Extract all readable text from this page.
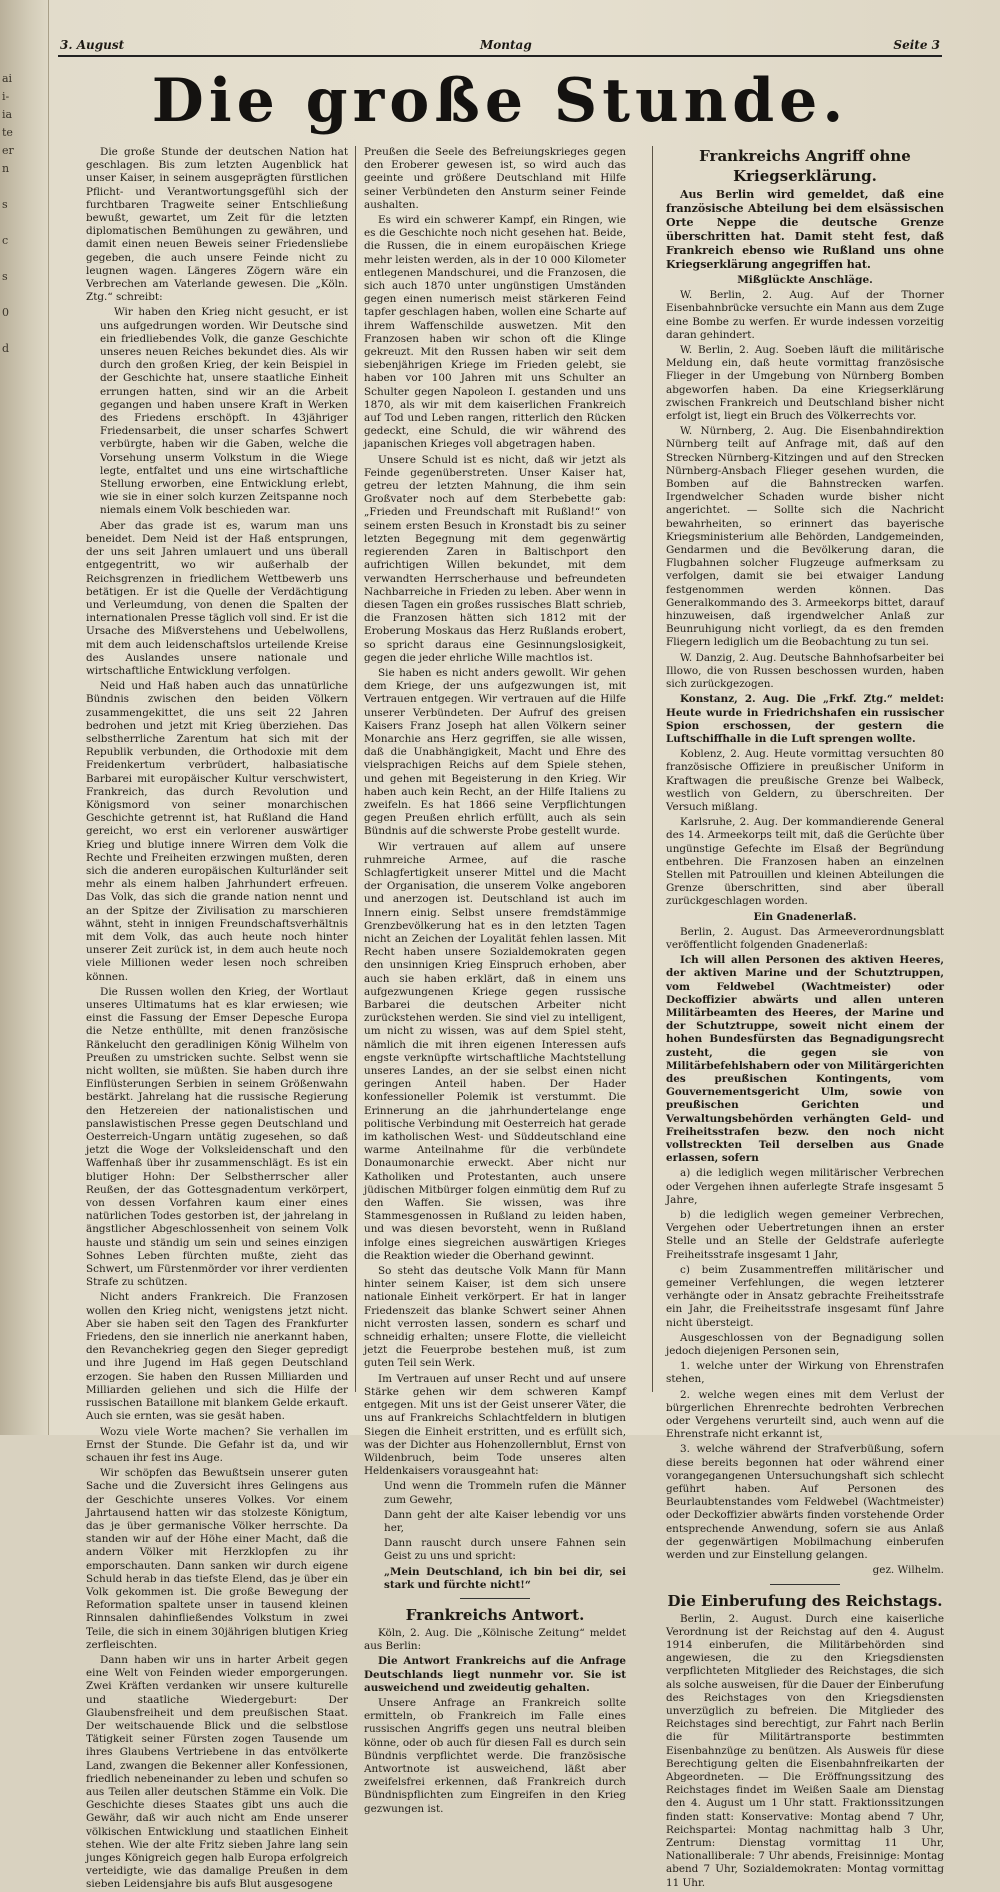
ai
i-
ia
te
er
n

s

c

s

0

d
3. August	Montag	Seite 3
Die große Stunde.

Die große Stunde der deutschen Nation hat geschlagen. Bis zum letzten Augenblick hat unser Kaiser, in seinem ausgeprägten fürstlichen Pflicht- und Verantwortungsgefühl sich der furchtbaren Tragweite seiner Entschließung bewußt, gewartet, um Zeit für die letzten diplomatischen Bemühungen zu gewähren, und damit einen neuen Beweis seiner Friedensliebe gegeben, die auch unsere Feinde nicht zu leugnen wagen. Längeres Zögern wäre ein Verbrechen am Vaterlande gewesen. Die „Köln. Ztg.“ schreibt:

Wir haben den Krieg nicht gesucht, er ist uns aufgedrungen worden. Wir Deutsche sind ein friedliebendes Volk, die ganze Geschichte unseres neuen Reiches bekundet dies. Als wir durch den großen Krieg, der kein Beispiel in der Geschichte hat, unsere staatliche Einheit errungen hatten, sind wir an die Arbeit gegangen und haben unsere Kraft in Werken des Friedens erschöpft. In 43jähriger Friedensarbeit, die unser scharfes Schwert verbürgte, haben wir die Gaben, welche die Vorsehung unserm Volkstum in die Wiege legte, entfaltet und uns eine wirtschaftliche Stellung erworben, eine Entwicklung erlebt, wie sie in einer solch kurzen Zeitspanne noch niemals einem Volk beschieden war.

Aber das grade ist es, warum man uns beneidet. Dem Neid ist der Haß entsprungen, der uns seit Jahren umlauert und uns überall entgegentritt, wo wir außerhalb der Reichsgrenzen in friedlichem Wettbewerb uns betätigen. Er ist die Quelle der Verdächtigung und Verleumdung, von denen die Spalten der internationalen Presse täglich voll sind. Er ist die Ursache des Mißverstehens und Uebelwollens, mit dem auch leidenschaftslos urteilende Kreise des Auslandes unsere nationale und wirtschaftliche Entwicklung verfolgen.

Neid und Haß haben auch das unnatürliche Bündnis zwischen den beiden Völkern zusammengekittet, die uns seit 22 Jahren bedrohen und jetzt mit Krieg überziehen. Das selbstherrliche Zarentum hat sich mit der Republik verbunden, die Orthodoxie mit dem Freidenkertum verbrüdert, halbasiatische Barbarei mit europäischer Kultur verschwistert, Frankreich, das durch Revolution und Königsmord von seiner monarchischen Geschichte getrennt ist, hat Rußland die Hand gereicht, wo erst ein verlorener auswärtiger Krieg und blutige innere Wirren dem Volk die Rechte und Freiheiten erzwingen mußten, deren sich die anderen europäischen Kulturländer seit mehr als einem halben Jahrhundert erfreuen. Das Volk, das sich die grande nation nennt und an der Spitze der Zivilisation zu marschieren wähnt, steht in innigen Freundschaftsverhältnis mit dem Volk, das auch heute noch hinter unserer Zeit zurück ist, in dem auch heute noch viele Millionen weder lesen noch schreiben können.

Die Russen wollen den Krieg, der Wortlaut unseres Ultimatums hat es klar erwiesen; wie einst die Fassung der Emser Depesche Europa die Netze enthüllte, mit denen französische Ränkelucht den geradlinigen König Wilhelm von Preußen zu umstricken suchte. Selbst wenn sie nicht wollten, sie müßten. Sie haben durch ihre Einflüsterungen Serbien in seinem Größenwahn bestärkt. Jahrelang hat die russische Regierung den Hetzereien der nationalistischen und panslawistischen Presse gegen Deutschland und Oesterreich-Ungarn untätig zugesehen, so daß jetzt die Woge der Volksleidenschaft und den Waffenhaß über ihr zusammenschlägt. Es ist ein blutiger Hohn: Der Selbstherrscher aller Reußen, der das Gottesgnadentum verkörpert, von dessen Vorfahren kaum einer eines natürlichen Todes gestorben ist, der jahrelang in ängstlicher Abgeschlossenheit von seinem Volk hauste und ständig um sein und seines einzigen Sohnes Leben fürchten mußte, zieht das Schwert, um Fürstenmörder vor ihrer verdienten Strafe zu schützen.

Nicht anders Frankreich. Die Franzosen wollen den Krieg nicht, wenigstens jetzt nicht. Aber sie haben seit den Tagen des Frankfurter Friedens, den sie innerlich nie anerkannt haben, den Revanchekrieg gegen den Sieger gepredigt und ihre Jugend im Haß gegen Deutschland erzogen. Sie haben den Russen Milliarden und Milliarden geliehen und sich die Hilfe der russischen Bataillone mit blankem Gelde erkauft. Auch sie ernten, was sie gesät haben.

Wozu viele Worte machen? Sie verhallen im Ernst der Stunde. Die Gefahr ist da, und wir schauen ihr fest ins Auge.

Wir schöpfen das Bewußtsein unserer guten Sache und die Zuversicht ihres Gelingens aus der Geschichte unseres Volkes. Vor einem Jahrtausend hatten wir das stolzeste Königtum, das je über germanische Völker herrschte. Da standen wir auf der Höhe einer Macht, daß die andern Völker mit Herzklopfen zu ihr emporschauten. Dann sanken wir durch eigene Schuld herab in das tiefste Elend, das je über ein Volk gekommen ist. Die große Bewegung der Reformation spaltete unser in tausend kleinen Rinnsalen dahinfließendes Volkstum in zwei Teile, die sich in einem 30jährigen blutigen Krieg zerfleischten.

Dann haben wir uns in harter Arbeit gegen eine Welt von Feinden wieder emporgerungen. Zwei Kräften verdanken wir unsere kulturelle und staatliche Wiedergeburt: Der Glaubensfreiheit und dem preußischen Staat. Der weitschauende Blick und die selbstlose Tätigkeit seiner Fürsten zogen Tausende um ihres Glaubens Vertriebene in das entvölkerte Land, zwangen die Bekenner aller Konfessionen, friedlich nebeneinander zu leben und schufen so aus Teilen aller deutschen Stämme ein Volk. Die Geschichte dieses Staates gibt uns auch die Gewähr, daß wir auch nicht am Ende unserer völkischen Entwicklung und staatlichen Einheit stehen. Wie der alte Fritz sieben Jahre lang sein junges Königreich gegen halb Europa erfolgreich verteidigte, wie das damalige Preußen in dem sieben Leidensjahre bis aufs Blut ausgesogene

Preußen die Seele des Befreiungskrieges gegen den Eroberer gewesen ist, so wird auch das geeinte und größere Deutschland mit Hilfe seiner Verbündeten den Ansturm seiner Feinde aushalten.

Es wird ein schwerer Kampf, ein Ringen, wie es die Geschichte noch nicht gesehen hat. Beide, die Russen, die in einem europäischen Kriege mehr leisten werden, als in der 10 000 Kilometer entlegenen Mandschurei, und die Franzosen, die sich auch 1870 unter ungünstigen Umständen gegen einen numerisch meist stärkeren Feind tapfer geschlagen haben, wollen eine Scharte auf ihrem Waffenschilde auswetzen. Mit den Franzosen haben wir schon oft die Klinge gekreuzt. Mit den Russen haben wir seit dem siebenjährigen Kriege im Frieden gelebt, sie haben vor 100 Jahren mit uns Schulter an Schulter gegen Napoleon I. gestanden und uns 1870, als wir mit dem kaiserlichen Frankreich auf Tod und Leben rangen, ritterlich den Rücken gedeckt, eine Schuld, die wir während des japanischen Krieges voll abgetragen haben.

Unsere Schuld ist es nicht, daß wir jetzt als Feinde gegenüberstreten. Unser Kaiser hat, getreu der letzten Mahnung, die ihm sein Großvater noch auf dem Sterbebette gab: „Frieden und Freundschaft mit Rußland!“ von seinem ersten Besuch in Kronstadt bis zu seiner letzten Begegnung mit dem gegenwärtig regierenden Zaren in Baltischport den aufrichtigen Willen bekundet, mit dem verwandten Herrscherhause und befreundeten Nachbarreiche in Frieden zu leben. Aber wenn in diesen Tagen ein großes russisches Blatt schrieb, die Franzosen hätten sich 1812 mit der Eroberung Moskaus das Herz Rußlands erobert, so spricht daraus eine Gesinnungslosigkeit, gegen die jeder ehrliche Wille machtlos ist.

Sie haben es nicht anders gewollt. Wir gehen dem Kriege, der uns aufgezwungen ist, mit Vertrauen entgegen. Wir vertrauen auf die Hilfe unserer Verbündeten. Der Aufruf des greisen Kaisers Franz Joseph hat allen Völkern seiner Monarchie ans Herz gegriffen, sie alle wissen, daß die Unabhängigkeit, Macht und Ehre des vielsprachigen Reichs auf dem Spiele stehen, und gehen mit Begeisterung in den Krieg. Wir haben auch kein Recht, an der Hilfe Italiens zu zweifeln. Es hat 1866 seine Verpflichtungen gegen Preußen ehrlich erfüllt, auch als sein Bündnis auf die schwerste Probe gestellt wurde.

Wir vertrauen auf allem auf unsere ruhmreiche Armee, auf die rasche Schlagfertigkeit unserer Mittel und die Macht der Organisation, die unserem Volke angeboren und anerzogen ist. Deutschland ist auch im Innern einig. Selbst unsere fremdstämmige Grenzbevölkerung hat es in den letzten Tagen nicht an Zeichen der Loyalität fehlen lassen. Mit Recht haben unsere Sozialdemokraten gegen den unsinnigen Krieg Einspruch erhoben, aber auch sie haben erklärt, daß in einem uns aufgezwungenen Kriege gegen russische Barbarei die deutschen Arbeiter nicht zurückstehen werden. Sie sind viel zu intelligent, um nicht zu wissen, was auf dem Spiel steht, nämlich die mit ihren eigenen Interessen aufs engste verknüpfte wirtschaftliche Machtstellung unseres Landes, an der sie selbst einen nicht geringen Anteil haben. Der Hader konfessioneller Polemik ist verstummt. Die Erinnerung an die jahrhundertelange enge politische Verbindung mit Oesterreich hat gerade im katholischen West- und Süddeutschland eine warme Anteilnahme für die verbündete Donaumonarchie erweckt. Aber nicht nur Katholiken und Protestanten, auch unsere jüdischen Mitbürger folgen einmütig dem Ruf zu den Waffen. Sie wissen, was ihre Stammesgenossen in Rußland zu leiden haben, und was diesen bevorsteht, wenn in Rußland infolge eines siegreichen auswärtigen Krieges die Reaktion wieder die Oberhand gewinnt.

So steht das deutsche Volk Mann für Mann hinter seinem Kaiser, ist dem sich unsere nationale Einheit verkörpert. Er hat in langer Friedenszeit das blanke Schwert seiner Ahnen nicht verrosten lassen, sondern es scharf und schneidig erhalten; unsere Flotte, die vielleicht jetzt die Feuerprobe bestehen muß, ist zum guten Teil sein Werk.

Im Vertrauen auf unser Recht und auf unsere Stärke gehen wir dem schweren Kampf entgegen. Mit uns ist der Geist unserer Väter, die uns auf Frankreichs Schlachtfeldern in blutigen Siegen die Einheit erstritten, und es erfüllt sich, was der Dichter aus Hohenzollernblut, Ernst von Wildenbruch, beim Tode unseres alten Heldenkaisers vorausgeahnt hat:

Und wenn die Trommeln rufen die Männer zum Gewehr,

Dann geht der alte Kaiser lebendig vor uns her,

Dann rauscht durch unsere Fahnen sein Geist zu uns und spricht:

„Mein Deutschland, ich bin bei dir, sei stark und fürchte nicht!“

Frankreichs Antwort.

Köln, 2. Aug. Die „Kölnische Zeitung“ meldet aus Berlin:

Die Antwort Frankreichs auf die Anfrage Deutschlands liegt nunmehr vor. Sie ist ausweichend und zweideutig gehalten.

Unsere Anfrage an Frankreich sollte ermitteln, ob Frankreich im Falle eines russischen Angriffs gegen uns neutral bleiben könne, oder ob auch für diesen Fall es durch sein Bündnis verpflichtet werde. Die französische Antwortnote ist ausweichend, läßt aber zweifelsfrei erkennen, daß Frankreich durch Bündnispflichten zum Eingreifen in den Krieg gezwungen ist.

Frankreichs Angriff ohne Kriegserklärung.

Aus Berlin wird gemeldet, daß eine französische Abteilung bei dem elsässischen Orte Neppe die deutsche Grenze überschritten hat. Damit steht fest, daß Frankreich ebenso wie Rußland uns ohne Kriegserklärung angegriffen hat.

Mißglückte Anschläge.

W. Berlin, 2. Aug. Auf der Thorner Eisenbahnbrücke versuchte ein Mann aus dem Zuge eine Bombe zu werfen. Er wurde indessen vorzeitig daran gehindert.

W. Berlin, 2. Aug. Soeben läuft die militärische Meldung ein, daß heute vormittag französische Flieger in der Umgebung von Nürnberg Bomben abgeworfen haben. Da eine Kriegserklärung zwischen Frankreich und Deutschland bisher nicht erfolgt ist, liegt ein Bruch des Völkerrechts vor.

W. Nürnberg, 2. Aug. Die Eisenbahndirektion Nürnberg teilt auf Anfrage mit, daß auf den Strecken Nürnberg-Kitzingen und auf den Strecken Nürnberg-Ansbach Flieger gesehen wurden, die Bomben auf die Bahnstrecken warfen. Irgendwelcher Schaden wurde bisher nicht angerichtet. — Sollte sich die Nachricht bewahrheiten, so erinnert das bayerische Kriegsministerium alle Behörden, Landgemeinden, Gendarmen und die Bevölkerung daran, die Flugbahnen solcher Flugzeuge aufmerksam zu verfolgen, damit sie bei etwaiger Landung festgenommen werden können. Das Generalkommando des 3. Armeekorps bittet, darauf hinzuweisen, daß irgendwelcher Anlaß zur Beunruhigung nicht vorliegt, da es den fremden Fliegern lediglich um die Beobachtung zu tun sei.

W. Danzig, 2. Aug. Deutsche Bahnhofsarbeiter bei Illowo, die von Russen beschossen wurden, haben sich zurückgezogen.

Konstanz, 2. Aug. Die „Frkf. Ztg.“ meldet: Heute wurde in Friedrichshafen ein russischer Spion erschossen, der gestern die Luftschiffhalle in die Luft sprengen wollte.

Koblenz, 2. Aug. Heute vormittag versuchten 80 französische Offiziere in preußischer Uniform in Kraftwagen die preußische Grenze bei Walbeck, westlich von Geldern, zu überschreiten. Der Versuch mißlang.

Karlsruhe, 2. Aug. Der kommandierende General des 14. Armeekorps teilt mit, daß die Gerüchte über ungünstige Gefechte im Elsaß der Begründung entbehren. Die Franzosen haben an einzelnen Stellen mit Patrouillen und kleinen Abteilungen die Grenze überschritten, sind aber überall zurückgeschlagen worden.

Ein Gnadenerlaß.

Berlin, 2. August. Das Armeeverordnungsblatt veröffentlicht folgenden Gnadenerlaß:

Ich will allen Personen des aktiven Heeres, der aktiven Marine und der Schutztruppen, vom Feldwebel (Wachtmeister) oder Deckoffizier abwärts und allen unteren Militärbeamten des Heeres, der Marine und der Schutztruppe, soweit nicht einem der hohen Bundesfürsten das Begnadigungsrecht zusteht, die gegen sie von Militärbefehlshabern oder von Militärgerichten des preußischen Kontingents, vom Gouvernementsgericht Ulm, sowie von preußischen Gerichten und Verwaltungsbehörden verhängten Geld- und Freiheitsstrafen bezw. den noch nicht vollstreckten Teil derselben aus Gnade erlassen, sofern

a) die lediglich wegen militärischer Verbrechen oder Vergehen ihnen auferlegte Strafe insgesamt 5 Jahre,

b) die lediglich wegen gemeiner Verbrechen, Vergehen oder Uebertretungen ihnen an erster Stelle und an Stelle der Geldstrafe auferlegte Freiheitsstrafe insgesamt 1 Jahr,

c) beim Zusammentreffen militärischer und gemeiner Verfehlungen, die wegen letzterer verhängte oder in Ansatz gebrachte Freiheitsstrafe ein Jahr, die Freiheitsstrafe insgesamt fünf Jahre nicht übersteigt.

Ausgeschlossen von der Begnadigung sollen jedoch diejenigen Personen sein,

1. welche unter der Wirkung von Ehrenstrafen stehen,

2. welche wegen eines mit dem Verlust der bürgerlichen Ehrenrechte bedrohten Verbrechen oder Vergehens verurteilt sind, auch wenn auf die Ehrenstrafe nicht erkannt ist,

3. welche während der Strafverbüßung, sofern diese bereits begonnen hat oder während einer vorangegangenen Untersuchungshaft sich schlecht geführt haben. Auf Personen des Beurlaubtenstandes vom Feldwebel (Wachtmeister) oder Deckoffizier abwärts finden vorstehende Order entsprechende Anwendung, sofern sie aus Anlaß der gegenwärtigen Mobilmachung einberufen werden und zur Einstellung gelangen.

gez. Wilhelm.

Die Einberufung des Reichstags.

Berlin, 2. August. Durch eine kaiserliche Verordnung ist der Reichstag auf den 4. August 1914 einberufen, die Militärbehörden sind angewiesen, die zu den Kriegsdiensten verpflichteten Mitglieder des Reichstages, die sich als solche ausweisen, für die Dauer der Einberufung des Reichstages von den Kriegsdiensten unverzüglich zu befreien. Die Mitglieder des Reichstages sind berechtigt, zur Fahrt nach Berlin die für Militärtransporte bestimmten Eisenbahnzüge zu benützen. Als Ausweis für diese Berechtigung gelten die Eisenbahnfreikarten der Abgeordneten. — Die Eröffnungssitzung des Reichstages findet im Weißen Saale am Dienstag den 4. August um 1 Uhr statt. Fraktionssitzungen finden statt: Konservative: Montag abend 7 Uhr, Reichspartei: Montag nachmittag halb 3 Uhr, Zentrum: Dienstag vormittag 11 Uhr, Nationalliberale: 7 Uhr abends, Freisinnige: Montag abend 7 Uhr, Sozialdemokraten: Montag vormittag 11 Uhr.
